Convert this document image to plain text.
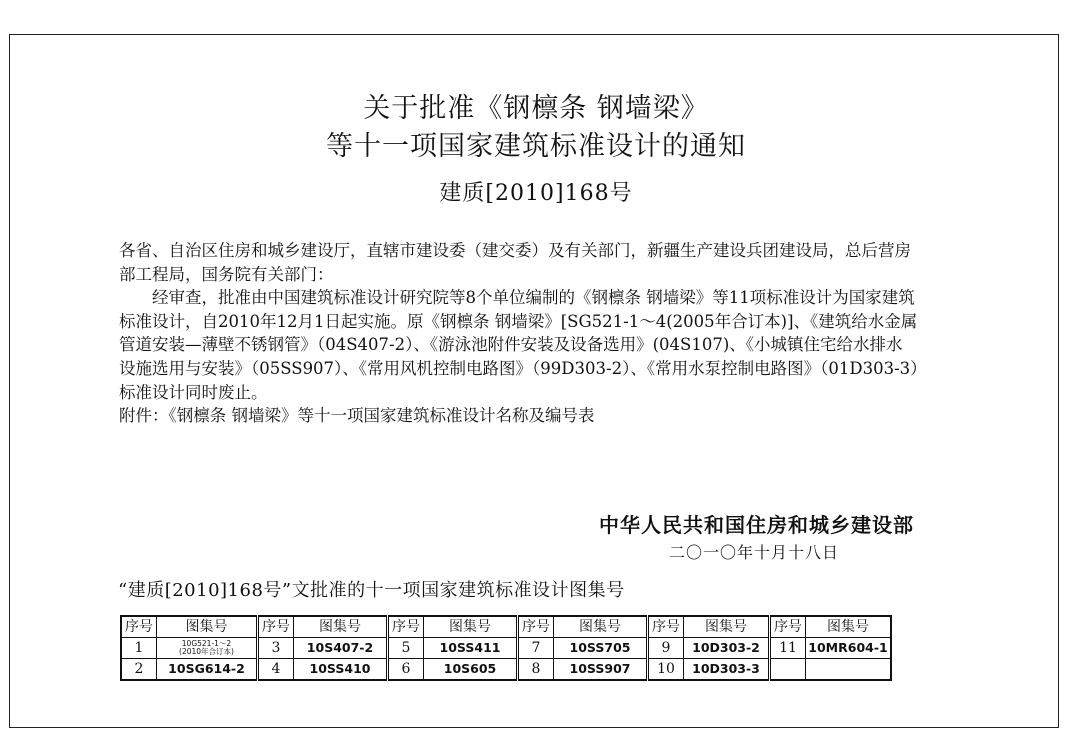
关于批准《钢檩条 钢墙梁》
等十一项国家建筑标准设计的通知
建质[2010]168号

各省、自治区住房和城乡建设厅，直辖市建设委（建交委）及有关部门，新疆生产建设兵团建设局，总后营房部工程局，国务院有关部门：

经审查，批准由中国建筑标准设计研究院等8个单位编制的《钢檩条 钢墙梁》等11项标准设计为国家建筑标准设计，自2010年12月1日起实施。原《钢檩条 钢墙梁》[SG521-1～4(2005年合订本)]、《建筑给水金属管道安装—薄壁不锈钢管》（04S407-2）、《游泳池附件安装及设备选用》(04S107)、《小城镇住宅给水排水设施选用与安装》（05SS907）、《常用风机控制电路图》（99D303-2）、《常用水泵控制电路图》（01D303-3）标准设计同时废止。

附件：《钢檩条 钢墙梁》等十一项国家建筑标准设计名称及编号表

中华人民共和国住房和城乡建设部
二〇一〇年十月十八日
“建质[2010]168号”文批准的十一项国家建筑标准设计图集号
序号	图集号	序号	图集号	序号	图集号	序号	图集号	序号	图集号	序号	图集号
1	10G521-1～2
(2010年合订本)	3	10S407-2	5	10SS411	7	10SS705	9	10D303-2	11	10MR604-1
2	10SG614-2	4	10SS410	6	10S605	8	10SS907	10	10D303-3		
